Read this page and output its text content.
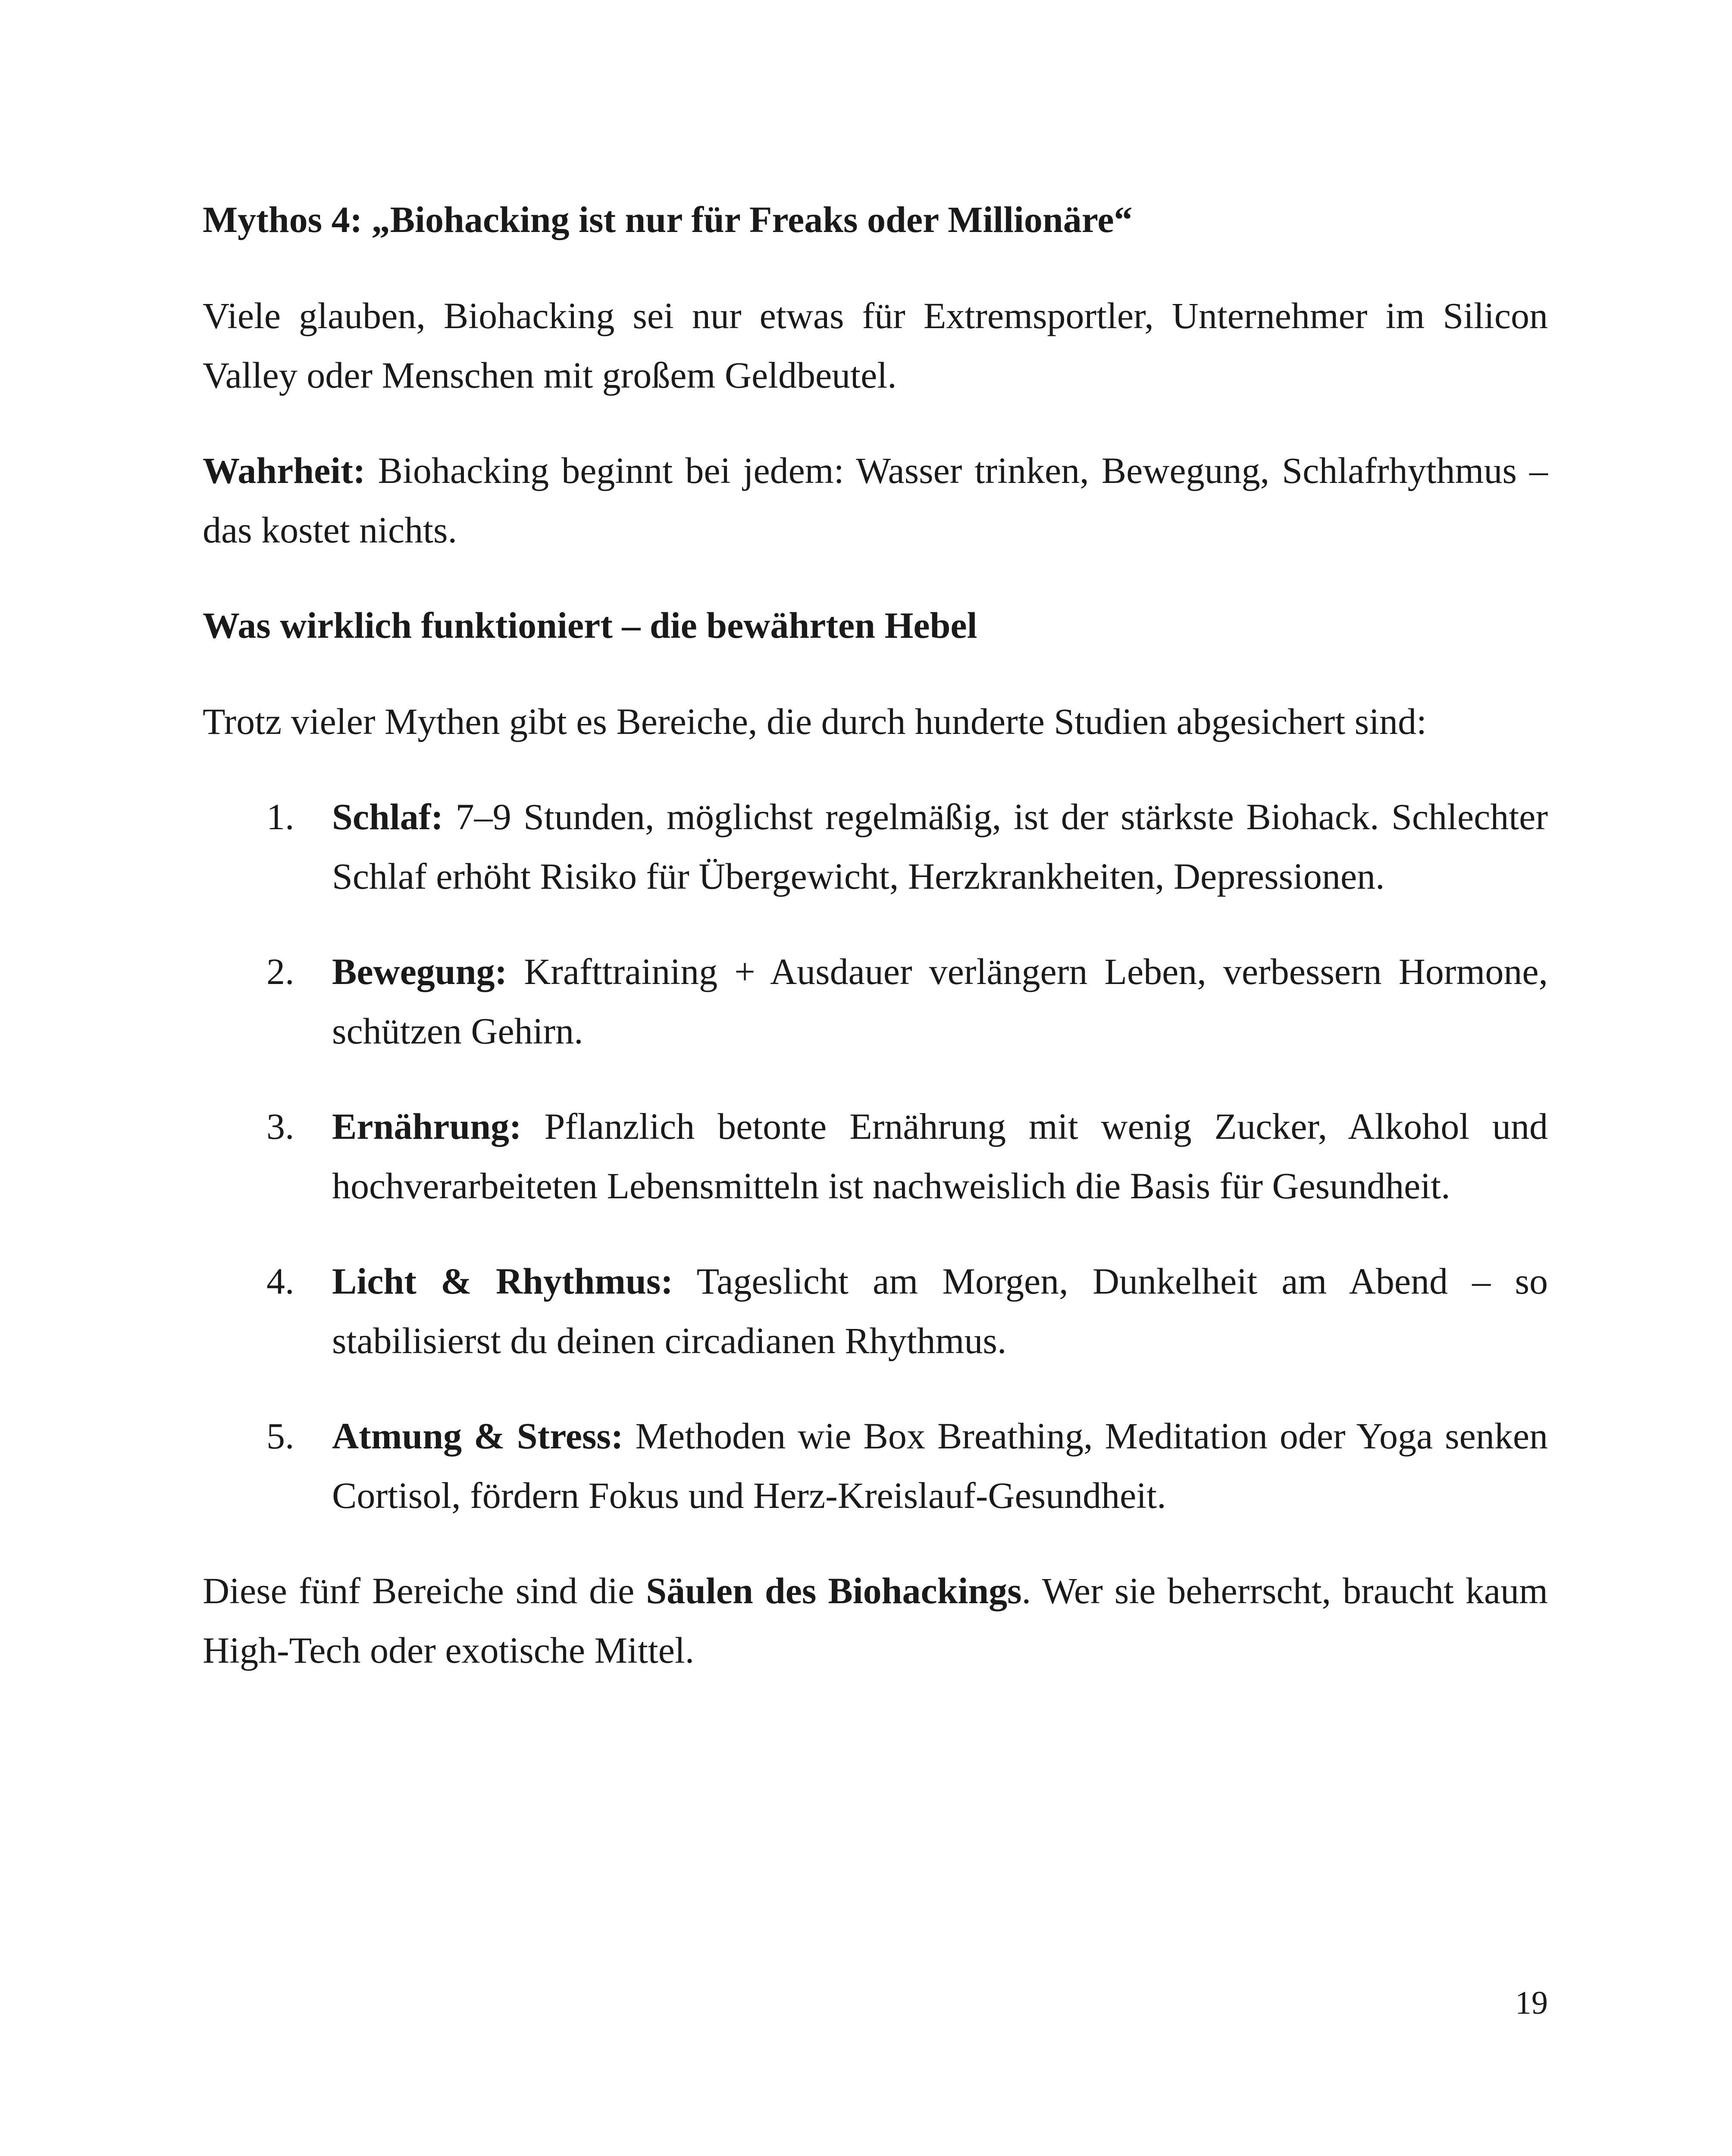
Mythos 4: „Biohacking ist nur für Freaks oder Millionäre“

Viele glauben, Biohacking sei nur etwas für Extremsportler, Unternehmer im Silicon Valley oder Menschen mit großem Geldbeutel.

Wahrheit: Biohacking beginnt bei jedem: Wasser trinken, Bewegung, Schlafrhythmus – das kostet nichts.

Was wirklich funktioniert – die bewährten Hebel

Trotz vieler Mythen gibt es Bereiche, die durch hunderte Studien abgesichert sind:

1. Schlaf: 7–9 Stunden, möglichst regelmäßig, ist der stärkste Biohack. Schlechter Schlaf erhöht Risiko für Übergewicht, Herzkrankheiten, Depressionen.
2. Bewegung: Krafttraining + Ausdauer verlängern Leben, verbessern Hormone, schützen Gehirn.
3. Ernährung: Pflanzlich betonte Ernährung mit wenig Zucker, Alkohol und hochverarbeiteten Lebensmitteln ist nachweislich die Basis für Gesundheit.
4. Licht & Rhythmus: Tageslicht am Morgen, Dunkelheit am Abend – so stabilisierst du deinen circadianen Rhythmus.
5. Atmung & Stress: Methoden wie Box Breathing, Meditation oder Yoga senken Cortisol, fördern Fokus und Herz-Kreislauf-Gesundheit.

Diese fünf Bereiche sind die Säulen des Biohackings. Wer sie beherrscht, braucht kaum High-Tech oder exotische Mittel.

19
